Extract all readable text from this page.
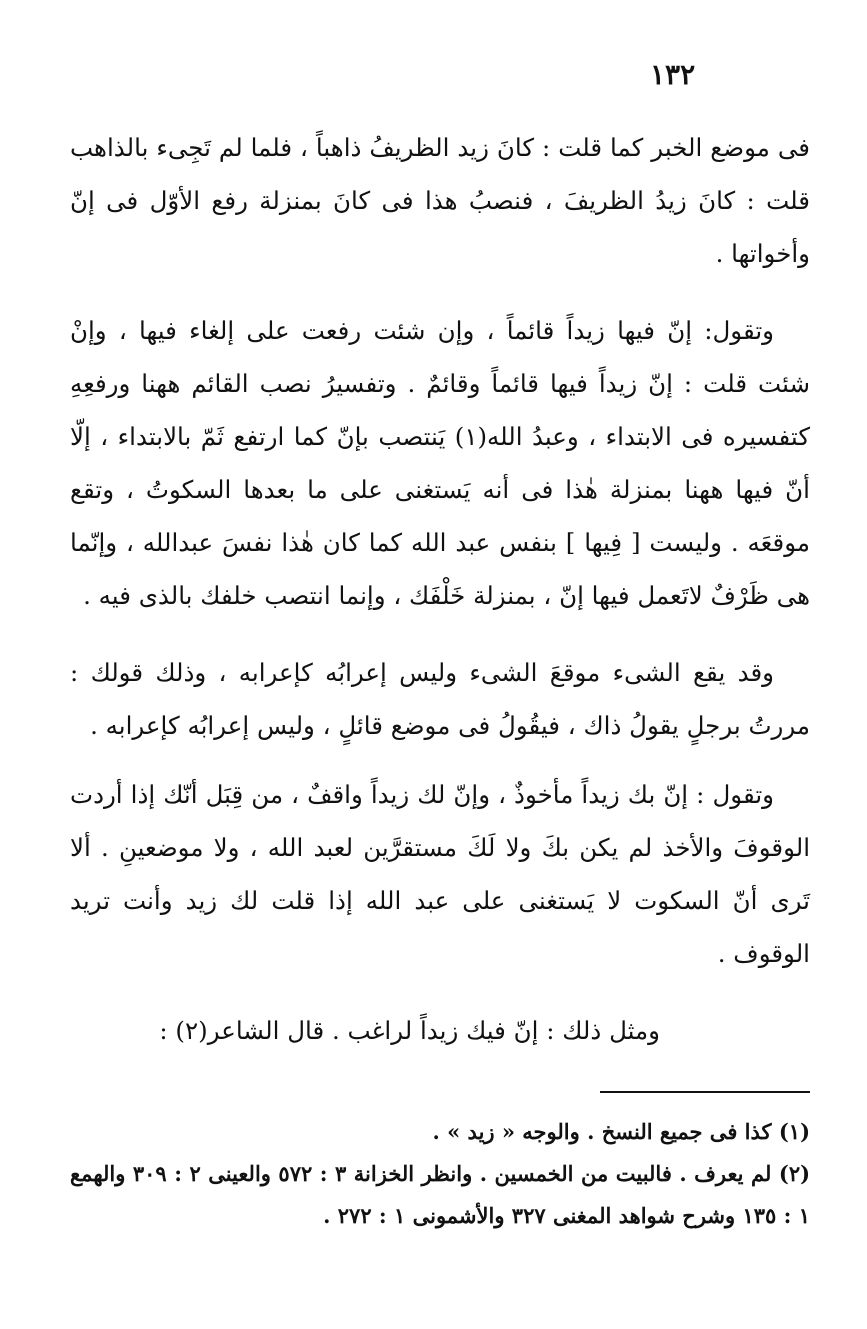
١٣٢

فى موضع الخبر كما قلت : كانَ زيد الظريفُ ذاهباً ، فلما لم تَجِىء بالذاهب قلت : كانَ زيدُ الظريفَ ، فنصبُ هذا فى كانَ بمنزلة رفع الأوّل فى إنّ وأخواتها .

وتقول: إنّ فيها زيداً قائماً ، وإن شئت رفعت على إلغاء فيها ، وإنْ شئت قلت : إنّ زيداً فيها قائماً وقائمٌ . وتفسيرُ نصب القائم ههنا ورفعِهِ كتفسيره فى الابتداء ، وعبدُ الله(١) يَنتصب بإنّ كما ارتفع ثَمّ بالابتداء ، إلّا أنّ فيها ههنا بمنزلة هٰذا فى أنه يَستغنى على ما بعدها السكوتُ ، وتقع موقعَه . وليست [ فِيها ] بنفس عبد الله كما كان هٰذا نفسَ عبدالله ، وإنّما هى ظَرْفٌ لاتَعمل فيها إنّ ، بمنزلة خَلْفَك ، وإنما انتصب خلفك بالذى فيه .

وقد يقع الشىء موقعَ الشىء وليس إعرابُه كإعرابه ، وذلك قولك : مررتُ برجلٍ يقولُ ذاك ، فيقُولُ فى موضع قائلٍ ، وليس إعرابُه كإعرابه .

وتقول : إنّ بك زيداً مأخوذٌ ، وإنّ لك زيداً واقفٌ ، من قِبَل أنّك إذا أردت الوقوفَ والأخذ لم يكن بكَ ولا لَكَ مستقرَّين لعبد الله ، ولا موضعينِ . ألا تَرى أنّ السكوت لا يَستغنى على عبد الله إذا قلت لك زيد وأنت تريد الوقوف .

ومثل ذلك : إنّ فيك زيداً لراغب . قال الشاعر(٢) :

(١) كذا فى جميع النسخ . والوجه « زيد » .

(٢) لم يعرف . فالبيت من الخمسين . وانظر الخزانة ٣ : ٥٧٢ والعينى ٢ : ٣٠٩ والهمع ١ : ١٣٥ وشرح شواهد المغنى ٣٢٧ والأشمونى ١ : ٢٧٢ .
